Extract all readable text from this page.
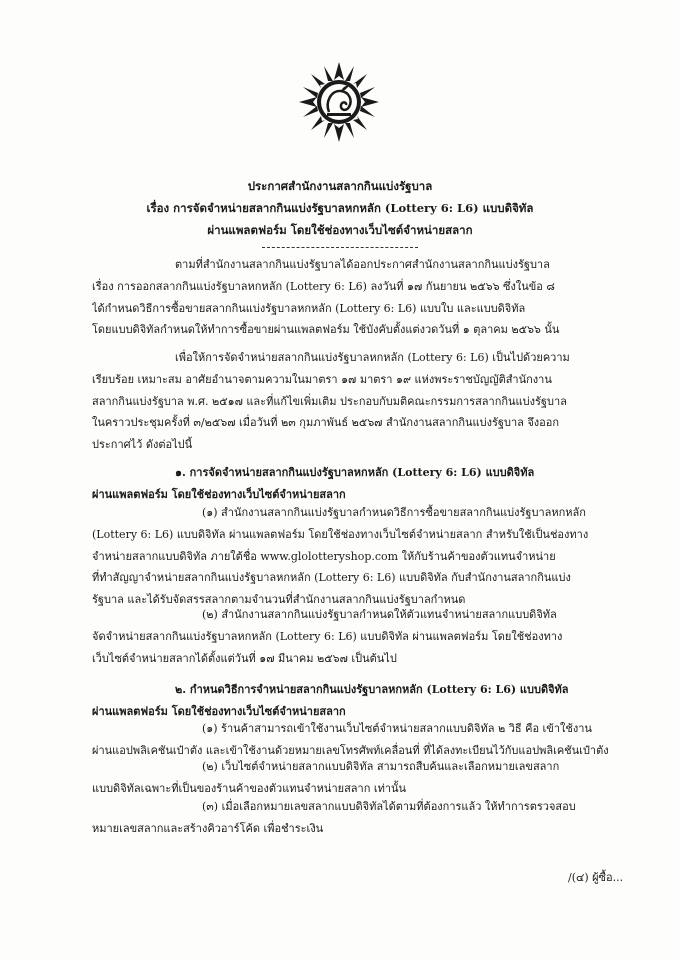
ประกาศสำนักงานสลากกินแบ่งรัฐบาล
เรื่อง การจัดจำหน่ายสลากกินแบ่งรัฐบาลหกหลัก (Lottery 6: L6) แบบดิจิทัล
ผ่านแพลตฟอร์ม โดยใช้ช่องทางเว็บไซต์จำหน่ายสลาก
ตามที่สำนักงานสลากกินแบ่งรัฐบาลได้ออกประกาศสำนักงานสลากกินแบ่งรัฐบาล
เรื่อง การออกสลากกินแบ่งรัฐบาลหกหลัก (Lottery 6: L6) ลงวันที่ ๑๗ กันยายน ๒๕๖๖ ซึ่งในข้อ ๘
ได้กำหนดวิธีการซื้อขายสลากกินแบ่งรัฐบาลหกหลัก (Lottery 6: L6) แบบใบ และแบบดิจิทัล
โดยแบบดิจิทัลกำหนดให้ทำการซื้อขายผ่านแพลตฟอร์ม ใช้บังคับตั้งแต่งวดวันที่ ๑ ตุลาคม ๒๕๖๖ นั้น
เพื่อให้การจัดจำหน่ายสลากกินแบ่งรัฐบาลหกหลัก (Lottery 6: L6) เป็นไปด้วยความ
เรียบร้อย เหมาะสม อาศัยอำนาจตามความในมาตรา ๑๗ มาตรา ๑๙ แห่งพระราชบัญญัติสำนักงาน
สลากกินแบ่งรัฐบาล พ.ศ. ๒๕๑๗ และที่แก้ไขเพิ่มเติม ประกอบกับมติคณะกรรมการสลากกินแบ่งรัฐบาล
ในคราวประชุมครั้งที่ ๓/๒๕๖๗ เมื่อวันที่ ๒๓ กุมภาพันธ์ ๒๕๖๗ สำนักงานสลากกินแบ่งรัฐบาล จึงออก
ประกาศไว้ ดังต่อไปนี้
๑. การจัดจำหน่ายสลากกินแบ่งรัฐบาลหกหลัก (Lottery 6: L6) แบบดิจิทัล
ผ่านแพลตฟอร์ม โดยใช้ช่องทางเว็บไซต์จำหน่ายสลาก
(๑) สำนักงานสลากกินแบ่งรัฐบาลกำหนดวิธีการซื้อขายสลากกินแบ่งรัฐบาลหกหลัก
(Lottery 6: L6) แบบดิจิทัล ผ่านแพลตฟอร์ม โดยใช้ช่องทางเว็บไซต์จำหน่ายสลาก สำหรับใช้เป็นช่องทาง
จำหน่ายสลากแบบดิจิทัล ภายใต้ชื่อ www.glolotteryshop.com ให้กับร้านค้าของตัวแทนจำหน่าย
ที่ทำสัญญาจำหน่ายสลากกินแบ่งรัฐบาลหกหลัก (Lottery 6: L6) แบบดิจิทัล กับสำนักงานสลากกินแบ่ง
รัฐบาล และได้รับจัดสรรสลากตามจำนวนที่สำนักงานสลากกินแบ่งรัฐบาลกำหนด
(๒) สำนักงานสลากกินแบ่งรัฐบาลกำหนดให้ตัวแทนจำหน่ายสลากแบบดิจิทัล
จัดจำหน่ายสลากกินแบ่งรัฐบาลหกหลัก (Lottery 6: L6) แบบดิจิทัล ผ่านแพลตฟอร์ม โดยใช้ช่องทาง
เว็บไซต์จำหน่ายสลากได้ตั้งแต่วันที่ ๑๗ มีนาคม ๒๕๖๗ เป็นต้นไป
๒. กำหนดวิธีการจำหน่ายสลากกินแบ่งรัฐบาลหกหลัก (Lottery 6: L6) แบบดิจิทัล
ผ่านแพลตฟอร์ม โดยใช้ช่องทางเว็บไซต์จำหน่ายสลาก
(๑) ร้านค้าสามารถเข้าใช้งานเว็บไซต์จำหน่ายสลากแบบดิจิทัล ๒ วิธี คือ เข้าใช้งาน
ผ่านแอปพลิเคชันเป๋าตัง และเข้าใช้งานด้วยหมายเลขโทรศัพท์เคลื่อนที่ ที่ได้ลงทะเบียนไว้กับแอปพลิเคชันเป๋าตัง
(๒) เว็บไซต์จำหน่ายสลากแบบดิจิทัล สามารถสืบค้นและเลือกหมายเลขสลาก
แบบดิจิทัลเฉพาะที่เป็นของร้านค้าของตัวแทนจำหน่ายสลาก เท่านั้น
(๓) เมื่อเลือกหมายเลขสลากแบบดิจิทัลได้ตามที่ต้องการแล้ว ให้ทำการตรวจสอบ
หมายเลขสลากและสร้างคิวอาร์โค้ด เพื่อชำระเงิน
/(๔) ผู้ซื้อ...
